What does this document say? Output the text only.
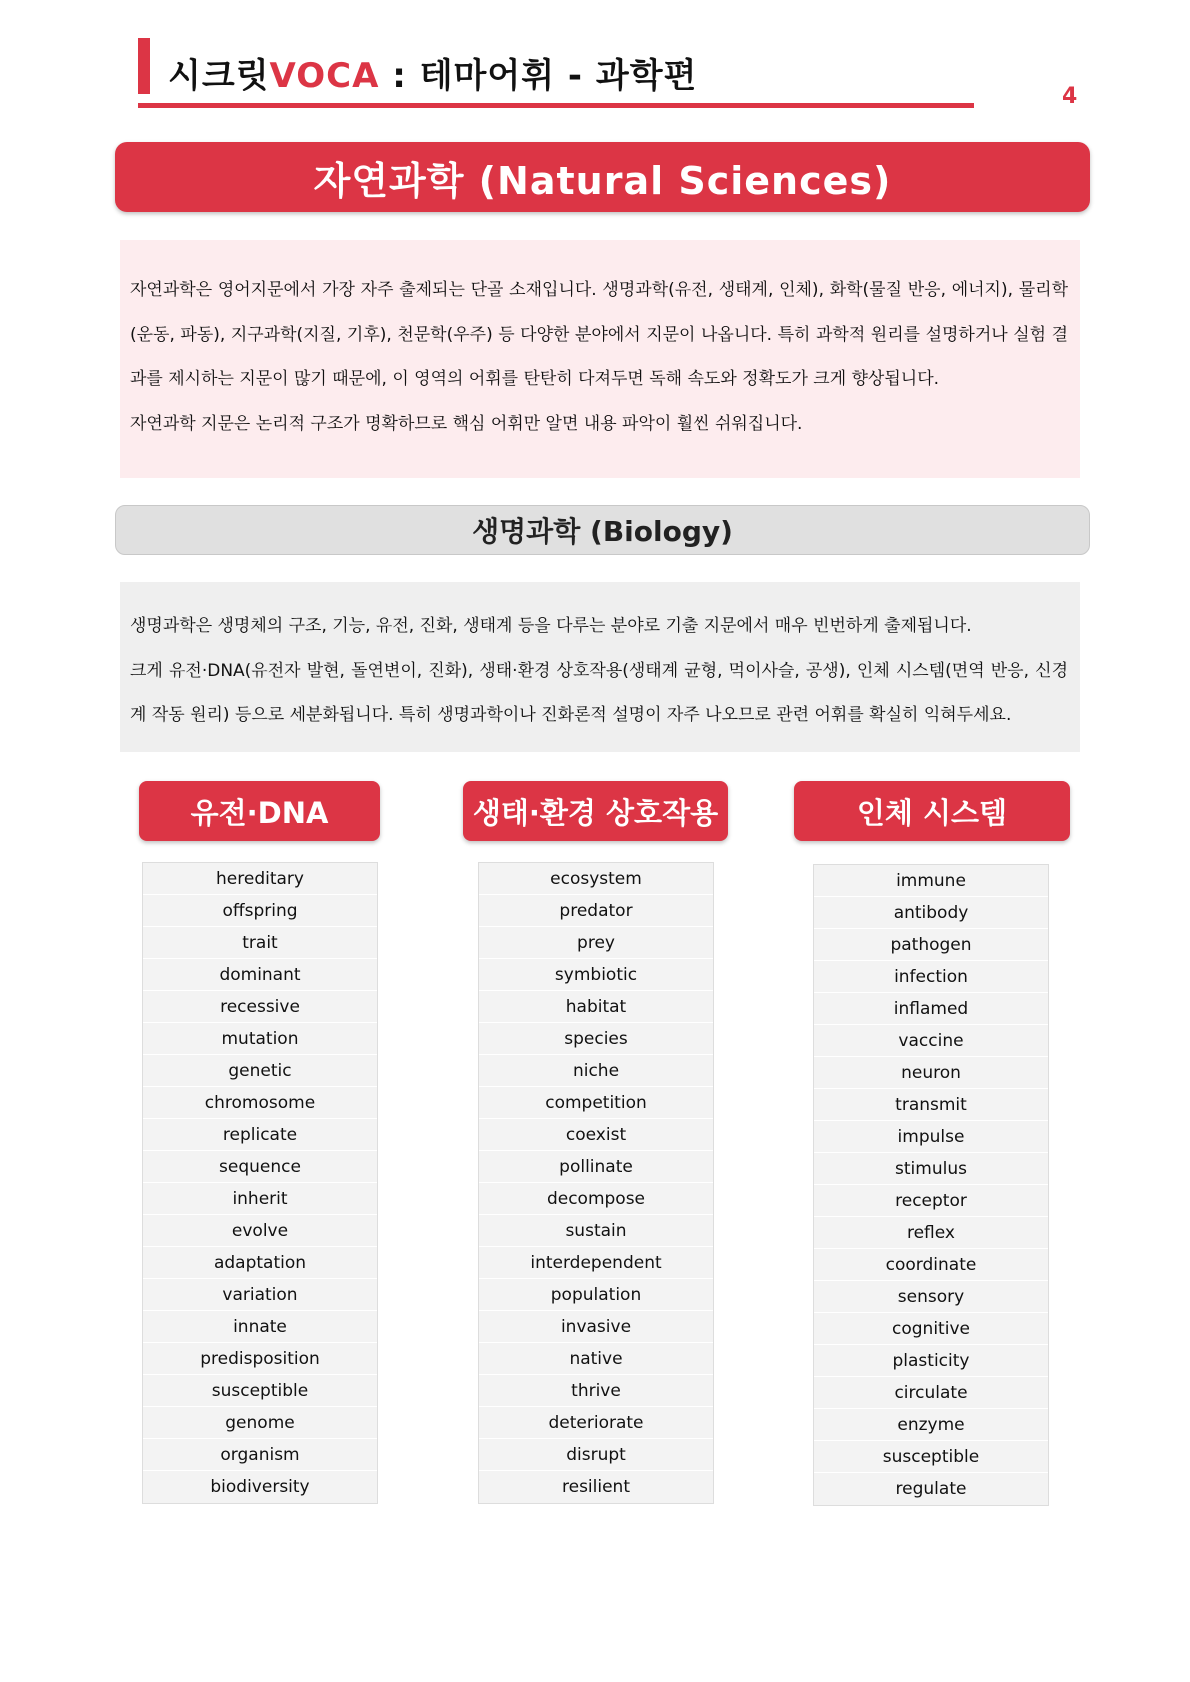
시크릿VOCA : 테마어휘 - 과학편
4
자연과학 (Natural Sciences)

자연과학은 영어지문에서 가장 자주 출제되는 단골 소재입니다. 생명과학(유전, 생태계, 인체), 화학(물질 반응, 에너지), 물리학(운동, 파동), 지구과학(지질, 기후), 천문학(우주) 등 다양한 분야에서 지문이 나옵니다. 특히 과학적 원리를 설명하거나 실험 결과를 제시하는 지문이 많기 때문에, 이 영역의 어휘를 탄탄히 다져두면 독해 속도와 정확도가 크게 향상됩니다.

자연과학 지문은 논리적 구조가 명확하므로 핵심 어휘만 알면 내용 파악이 훨씬 쉬워집니다.

생명과학 (Biology)

생명과학은 생명체의 구조, 기능, 유전, 진화, 생태계 등을 다루는 분야로 기출 지문에서 매우 빈번하게 출제됩니다.

크게 유전·DNA(유전자 발현, 돌연변이, 진화), 생태·환경 상호작용(생태계 균형, 먹이사슬, 공생), 인체 시스템(면역 반응, 신경계 작동 원리) 등으로 세분화됩니다. 특히 생명과학이나 진화론적 설명이 자주 나오므로 관련 어휘를 확실히 익혀두세요.

유전·DNA	생태·환경 상호작용	인체 시스템
hereditary
offspring
trait
dominant
recessive
mutation
genetic
chromosome
replicate
sequence
inherit
evolve
adaptation
variation
innate
predisposition
susceptible
genome
organism
biodiversity
ecosystem
predator
prey
symbiotic
habitat
species
niche
competition
coexist
pollinate
decompose
sustain
interdependent
population
invasive
native
thrive
deteriorate
disrupt
resilient
immune
antibody
pathogen
infection
inflamed
vaccine
neuron
transmit
impulse
stimulus
receptor
reflex
coordinate
sensory
cognitive
plasticity
circulate
enzyme
susceptible
regulate
